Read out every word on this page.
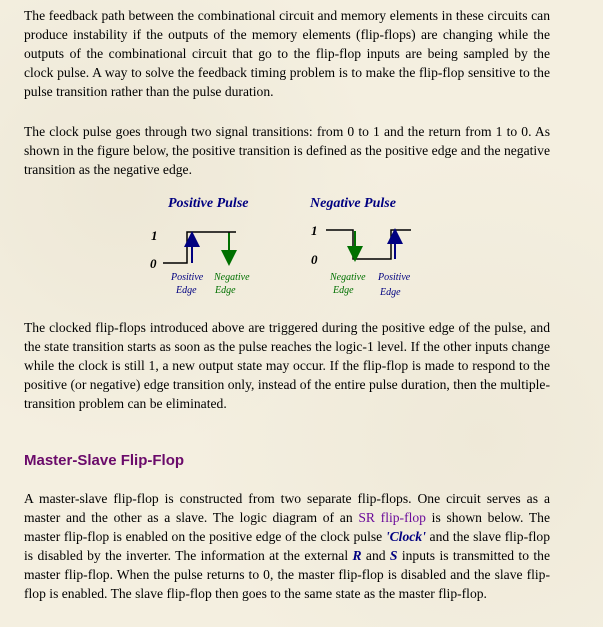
The feedback path between the combinational circuit and memory elements in these circuits can produce instability if the outputs of the memory elements (flip-flops) are changing while the outputs of the combinational circuit that go to the flip-flop inputs are being sampled by the clock pulse. A way to solve the feedback timing problem is to make the flip-flop sensitive to the pulse transition rather than the pulse duration.

The clock pulse goes through two signal transitions: from 0 to 1 and the return from 1 to 0. As shown in the figure below, the positive transition is defined as the positive edge and the negative transition as the negative edge.

The clocked flip-flops introduced above are triggered during the positive edge of the pulse, and the state transition starts as soon as the pulse reaches the logic-1 level. If the other inputs change while the clock is still 1, a new output state may occur. If the flip-flop is made to respond to the positive (or negative) edge transition only, instead of the entire pulse duration, then the multiple-transition problem can be eliminated.

Master-Slave Flip-Flop

A master-slave flip-flop is constructed from two separate flip-flops. One circuit serves as a master and the other as a slave. The logic diagram of an SR flip-flop is shown below. The master flip-flop is enabled on the positive edge of the clock pulse 'Clock' and the slave flip-flop is disabled by the inverter. The information at the external R and S inputs is transmitted to the master flip-flop. When the pulse returns to 0, the master flip-flop is disabled and the slave flip-flop is enabled. The slave flip-flop then goes to the same state as the master flip-flop.

Positive Pulse
1
0
Positive
Edge
Negative
Edge
Negative Pulse
1
0
Negative
Edge
Positive
Edge
